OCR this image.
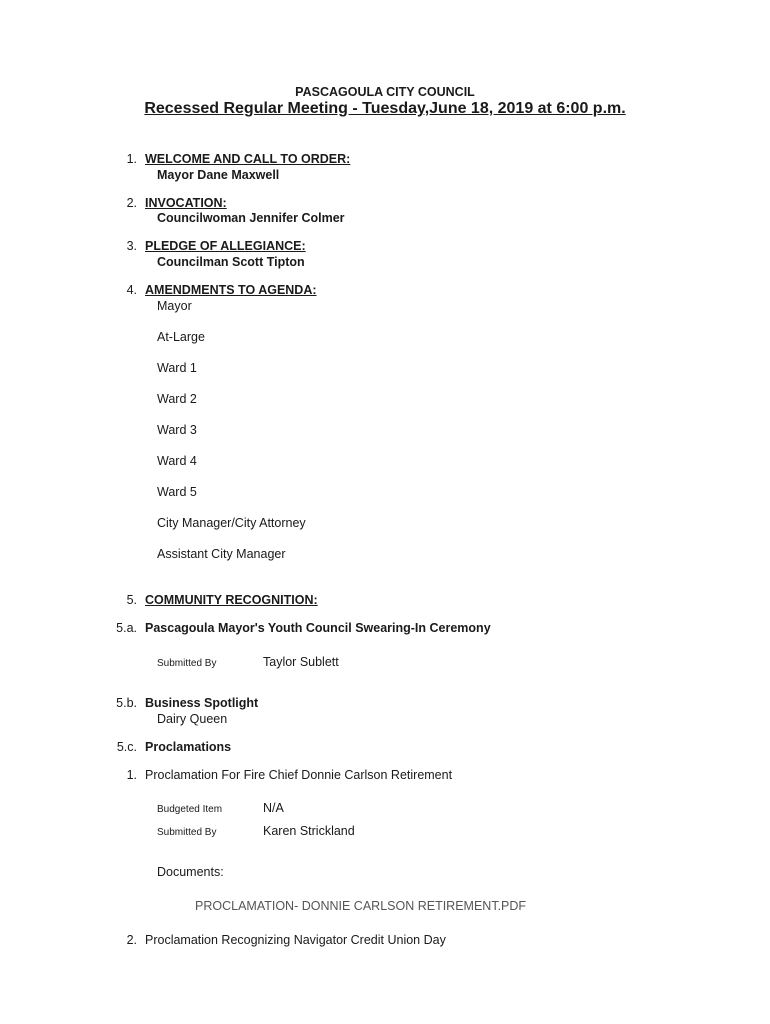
PASCAGOULA CITY COUNCIL
Recessed Regular Meeting - Tuesday,June 18, 2019 at 6:00 p.m.
1. WELCOME AND CALL TO ORDER:
Mayor Dane Maxwell
2. INVOCATION:
Councilwoman Jennifer Colmer
3. PLEDGE OF ALLEGIANCE:
Councilman Scott Tipton
4. AMENDMENTS TO AGENDA:
Mayor
At-Large
Ward 1
Ward 2
Ward 3
Ward 4
Ward 5
City Manager/City Attorney
Assistant City Manager
5. COMMUNITY RECOGNITION:
5.a. Pascagoula Mayor's Youth Council Swearing-In Ceremony
Submitted By	Taylor Sublett
5.b. Business Spotlight
Dairy Queen
5.c. Proclamations
1. Proclamation For Fire Chief Donnie Carlson Retirement
Budgeted Item	N/A
Submitted By	Karen Strickland
Documents:
PROCLAMATION- DONNIE CARLSON RETIREMENT.PDF
2. Proclamation Recognizing Navigator Credit Union Day
